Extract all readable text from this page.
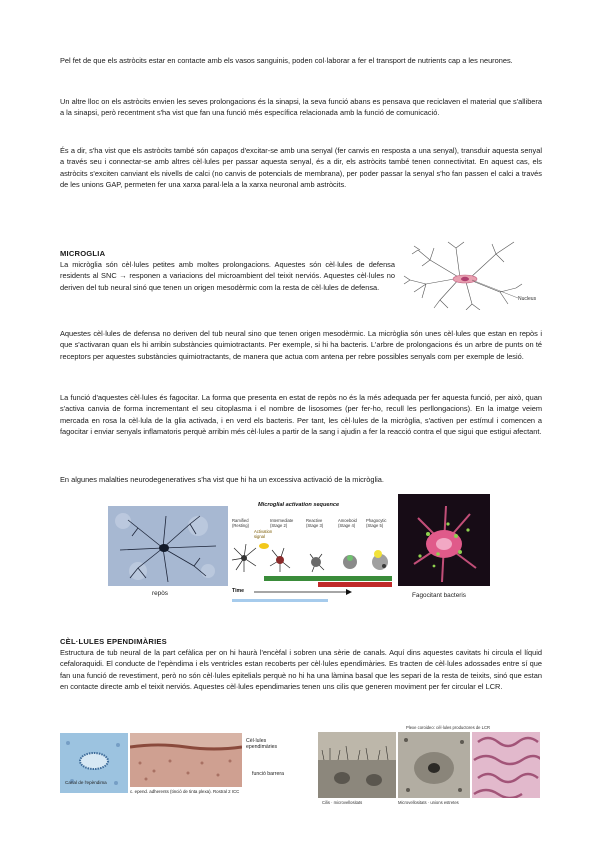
Pel fet de que els astròcits estar en contacte amb els vasos sanguinis, poden col·laborar a fer el transport de nutrients cap a les neurones.

Un altre lloc on els astròcits envien les seves prolongacions és la sinapsi, la seva funció abans es pensava que reciclaven el material que s'allibera a la sinapsi, però recentment s'ha vist que fan una funció més específica relacionada amb la funció de comunicació.

És a dir, s'ha vist que els astròcits també són capaços d'excitar-se amb una senyal (fer canvis en resposta a una senyal), transduir aquesta senyal a través seu i connectar-se amb altres cèl·lules per passar aquesta senyal, és a dir, els astròcits també tenen connectivitat. En aquest cas, els astròcits s'exciten canviant els nivells de calci (no canvis de potencials de membrana), per poder passar la senyal s'ho fan passen el calci a través de les unions GAP, permeten fer una xarxa paral·lela a la xarxa neuronal amb astròcits.

MICROGLIA

La micròglia són cèl·lules petites amb moltes prolongacions. Aquestes són cèl·lules de defensa residents al SNC → responen a variacions del microambient del teixit nerviós. Aquestes cèl·lules no deriven del tub neural sinó que tenen un origen mesodèrmic com la resta de cèl·lules de defensa.

Nucleus

Aquestes cèl·lules de defensa no deriven del tub neural sino que tenen origen mesodèrmic. La micròglia són unes cèl·lules que estan en repòs i que s'activaran quan els hi arribin substàncies quimiotractants. Per exemple, si hi ha bacteris. L'arbre de prolongacions és un arbre de punts on té receptors per aquestes substàncies quimiotractants, de manera que actua com antena per rebre possibles senyals com per exemple de lesió.

La funció d'aquestes cèl·lules és fagocitar. La forma que presenta en estat de repòs no és la més adequada per fer aquesta funció, per això, quan s'activa canvia de forma incrementant el seu citoplasma i el nombre de lisosomes (per fer-ho, recull les perllongacions). En la imatge veiem mercada en rosa la cèl·lula de la glia activada, i en verd els bacteris. Per tant, les cèl·lules de la micròglia, s'activen per estímul i comencen a fagocitar i enviar senyals inflamatoris perquè arribin més cèl·lules a partir de la sang i ajudin a fer la reacció contra el que sigui que estigui afectant.

En algunes malalties neurodegeneratives s'ha vist que hi ha un excessiva activació de la micròglia.

repòs
Microglial activation sequence
Ramified (Resting)
Intermediate (Stage 2)
Reactive (Stage 3)
Amoeboid (Stage 4)
Phagocytic (Stage 5)
Activation signal
Time
Fagocitant bacteris
CÈL·LULES EPENDIMÀRIES

Estructura de tub neural de la part cefàlica per on hi haurà l'encèfal i sobren una sèrie de canals. Aquí dins aquestes cavitats hi circula el líquid cefaloraquidi. El conducte de l'epèndima i els ventricles estan recoberts per cèl·lules ependimàries. Es tracten de cèl·lules adossades entre sí que fan una funció de revestiment, però no són cèl·lules epitelials perquè no hi ha una làmina basal que les separi de la resta de teixits, sinó que estan en contacte directe amb el teixit nerviós. Aquestes cèl·lules ependimaries tenen uns cilis que generen moviment per fer circular el LCR.

Canal de l'epèndima
c. epend. adherents (tinció de tinta plexa). Rostral 2 ICC
Cèl·lules ependimàries
funció barrera
Cilis · microvellositats	Microvellositats · unions estretes
Plexe coroideo: cèl·lules productores de LCR
